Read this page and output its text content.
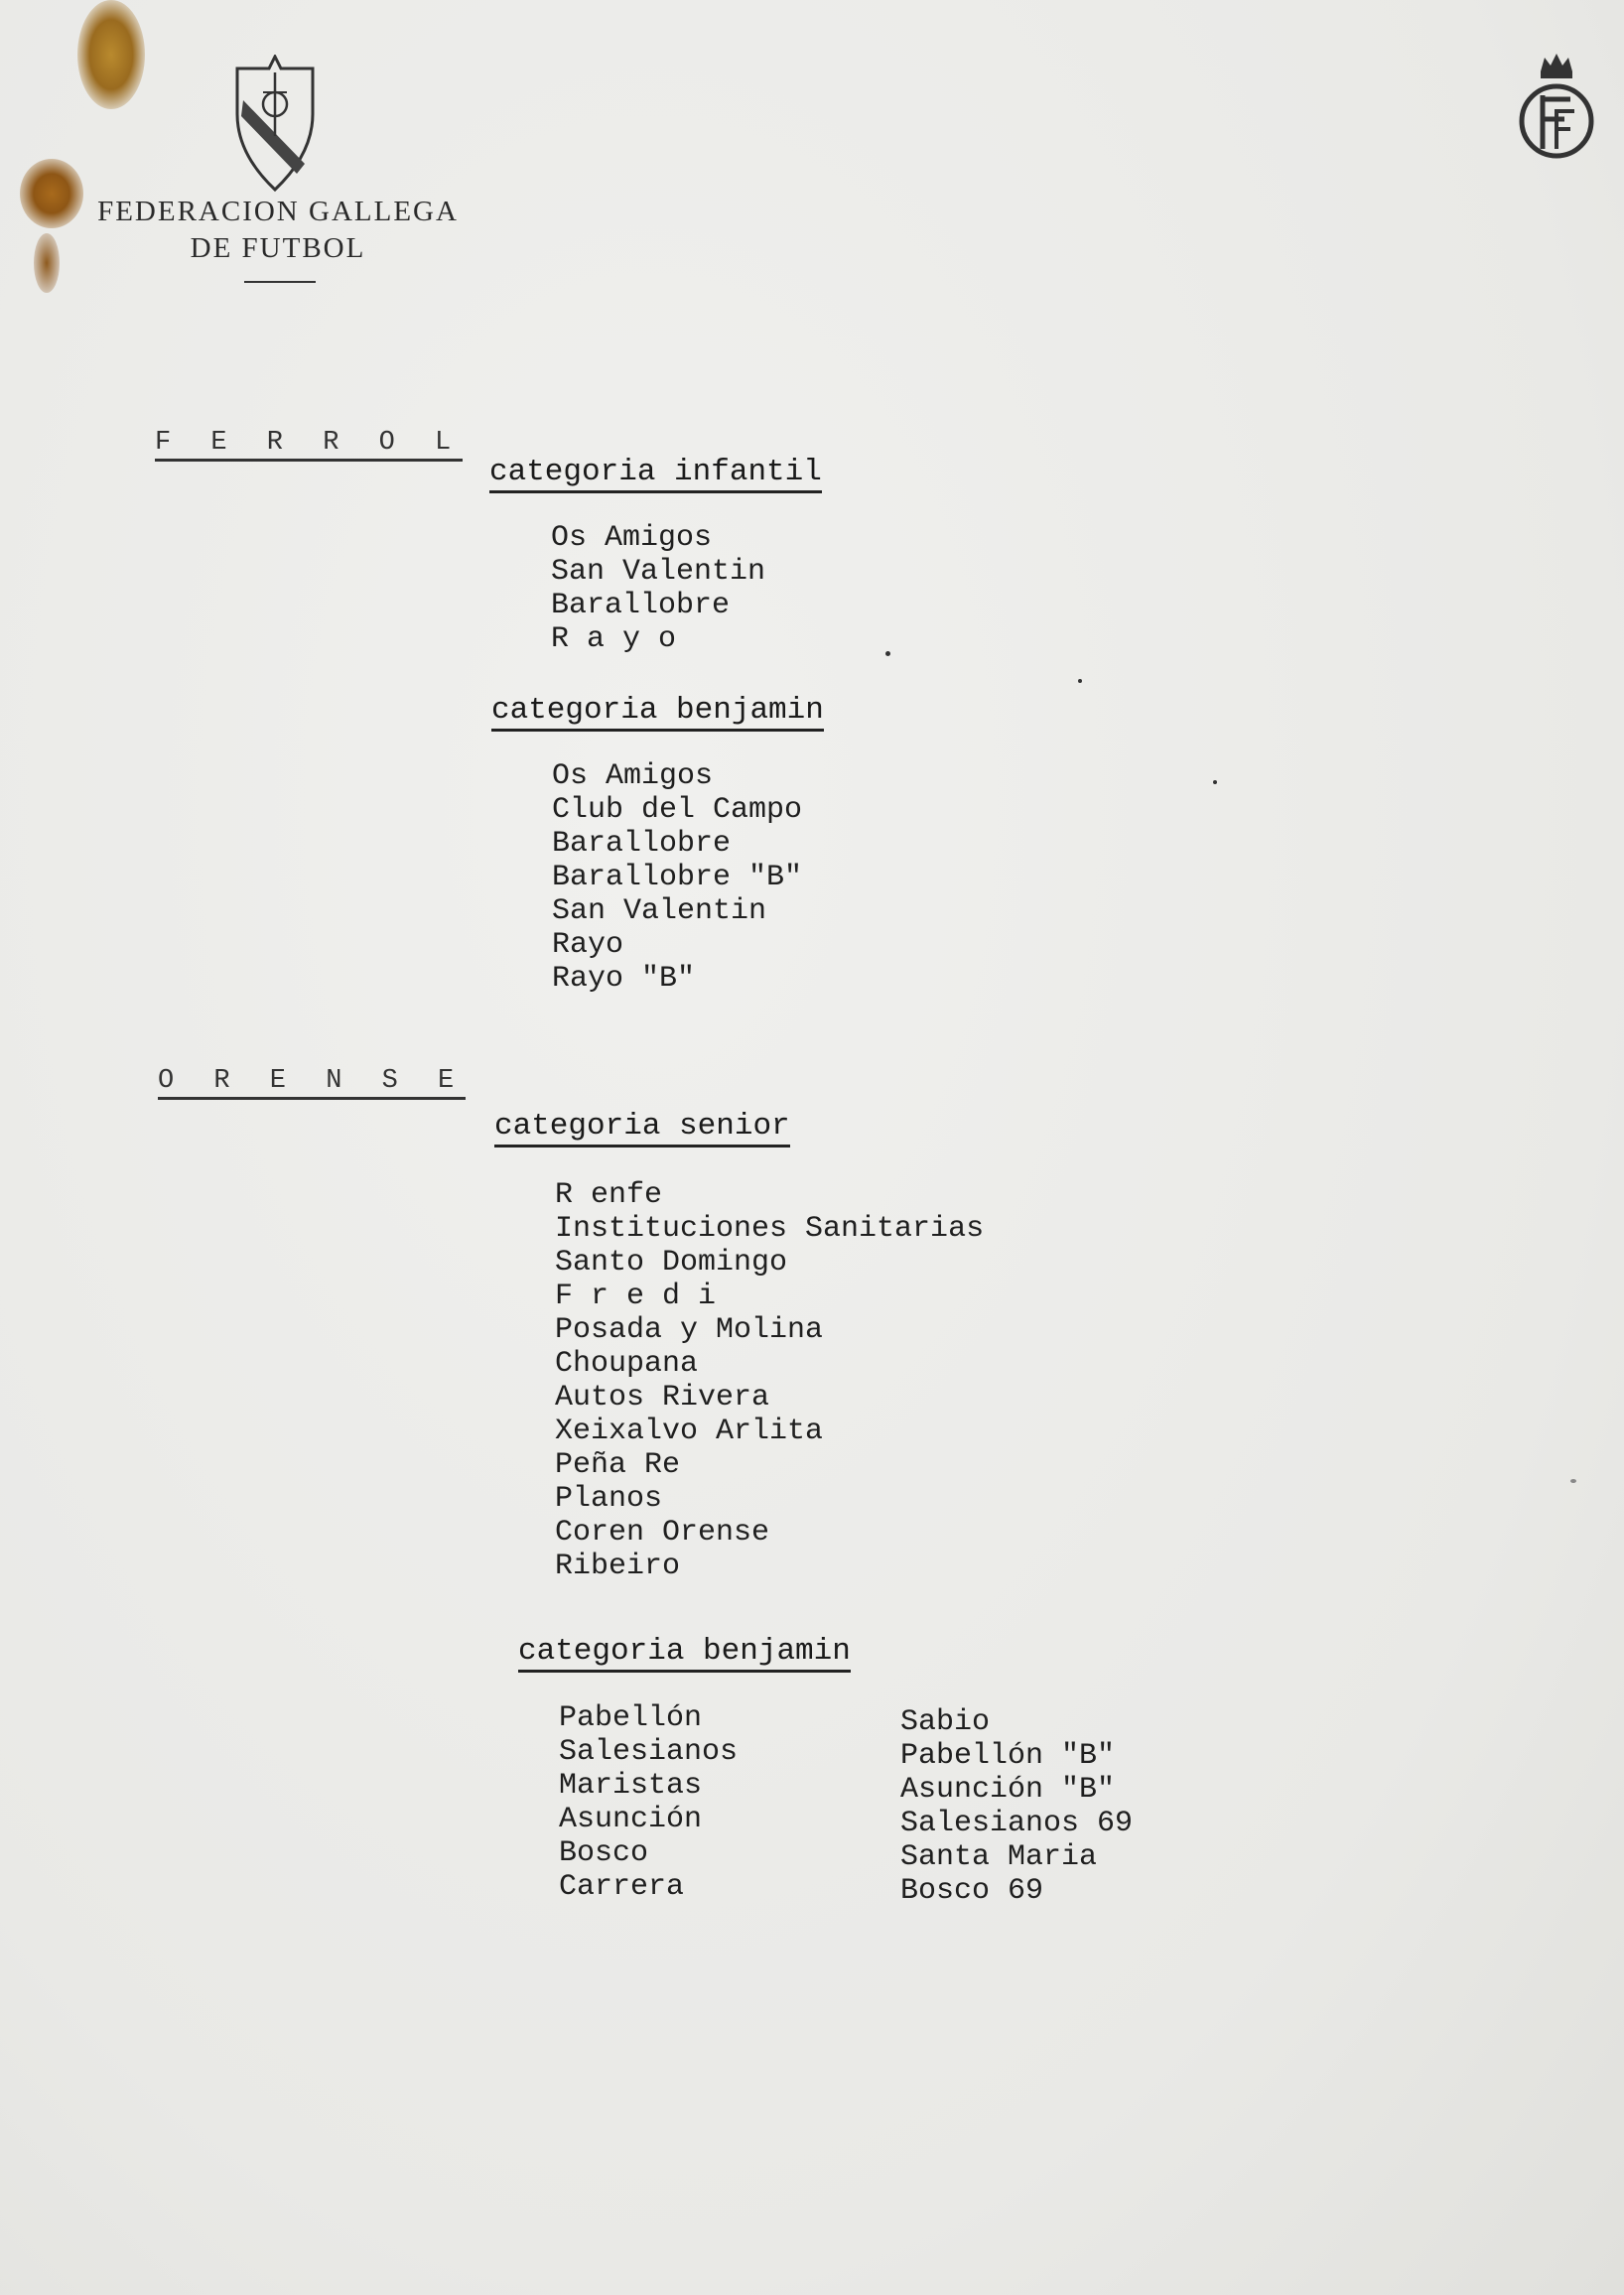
FEDERACION GALLEGA
DE FUTBOL
F E R R O L
categoria infantil
Os Amigos
San Valentin
Barallobre
R a y o
categoria benjamin
Os Amigos
Club del Campo
Barallobre
Barallobre "B"
San Valentin
Rayo
Rayo "B"
O R E N S E
categoria senior
R enfe
Instituciones Sanitarias
Santo Domingo
F r e d i
Posada y Molina
Choupana
Autos Rivera
Xeixalvo Arlita
Peña Re
Planos
Coren Orense
Ribeiro
categoria benjamin
Pabellón
Salesianos
Maristas
Asunción
Bosco
Carrera
Sabio
Pabellón "B"
Asunción "B"
Salesianos 69
Santa Maria
Bosco 69
